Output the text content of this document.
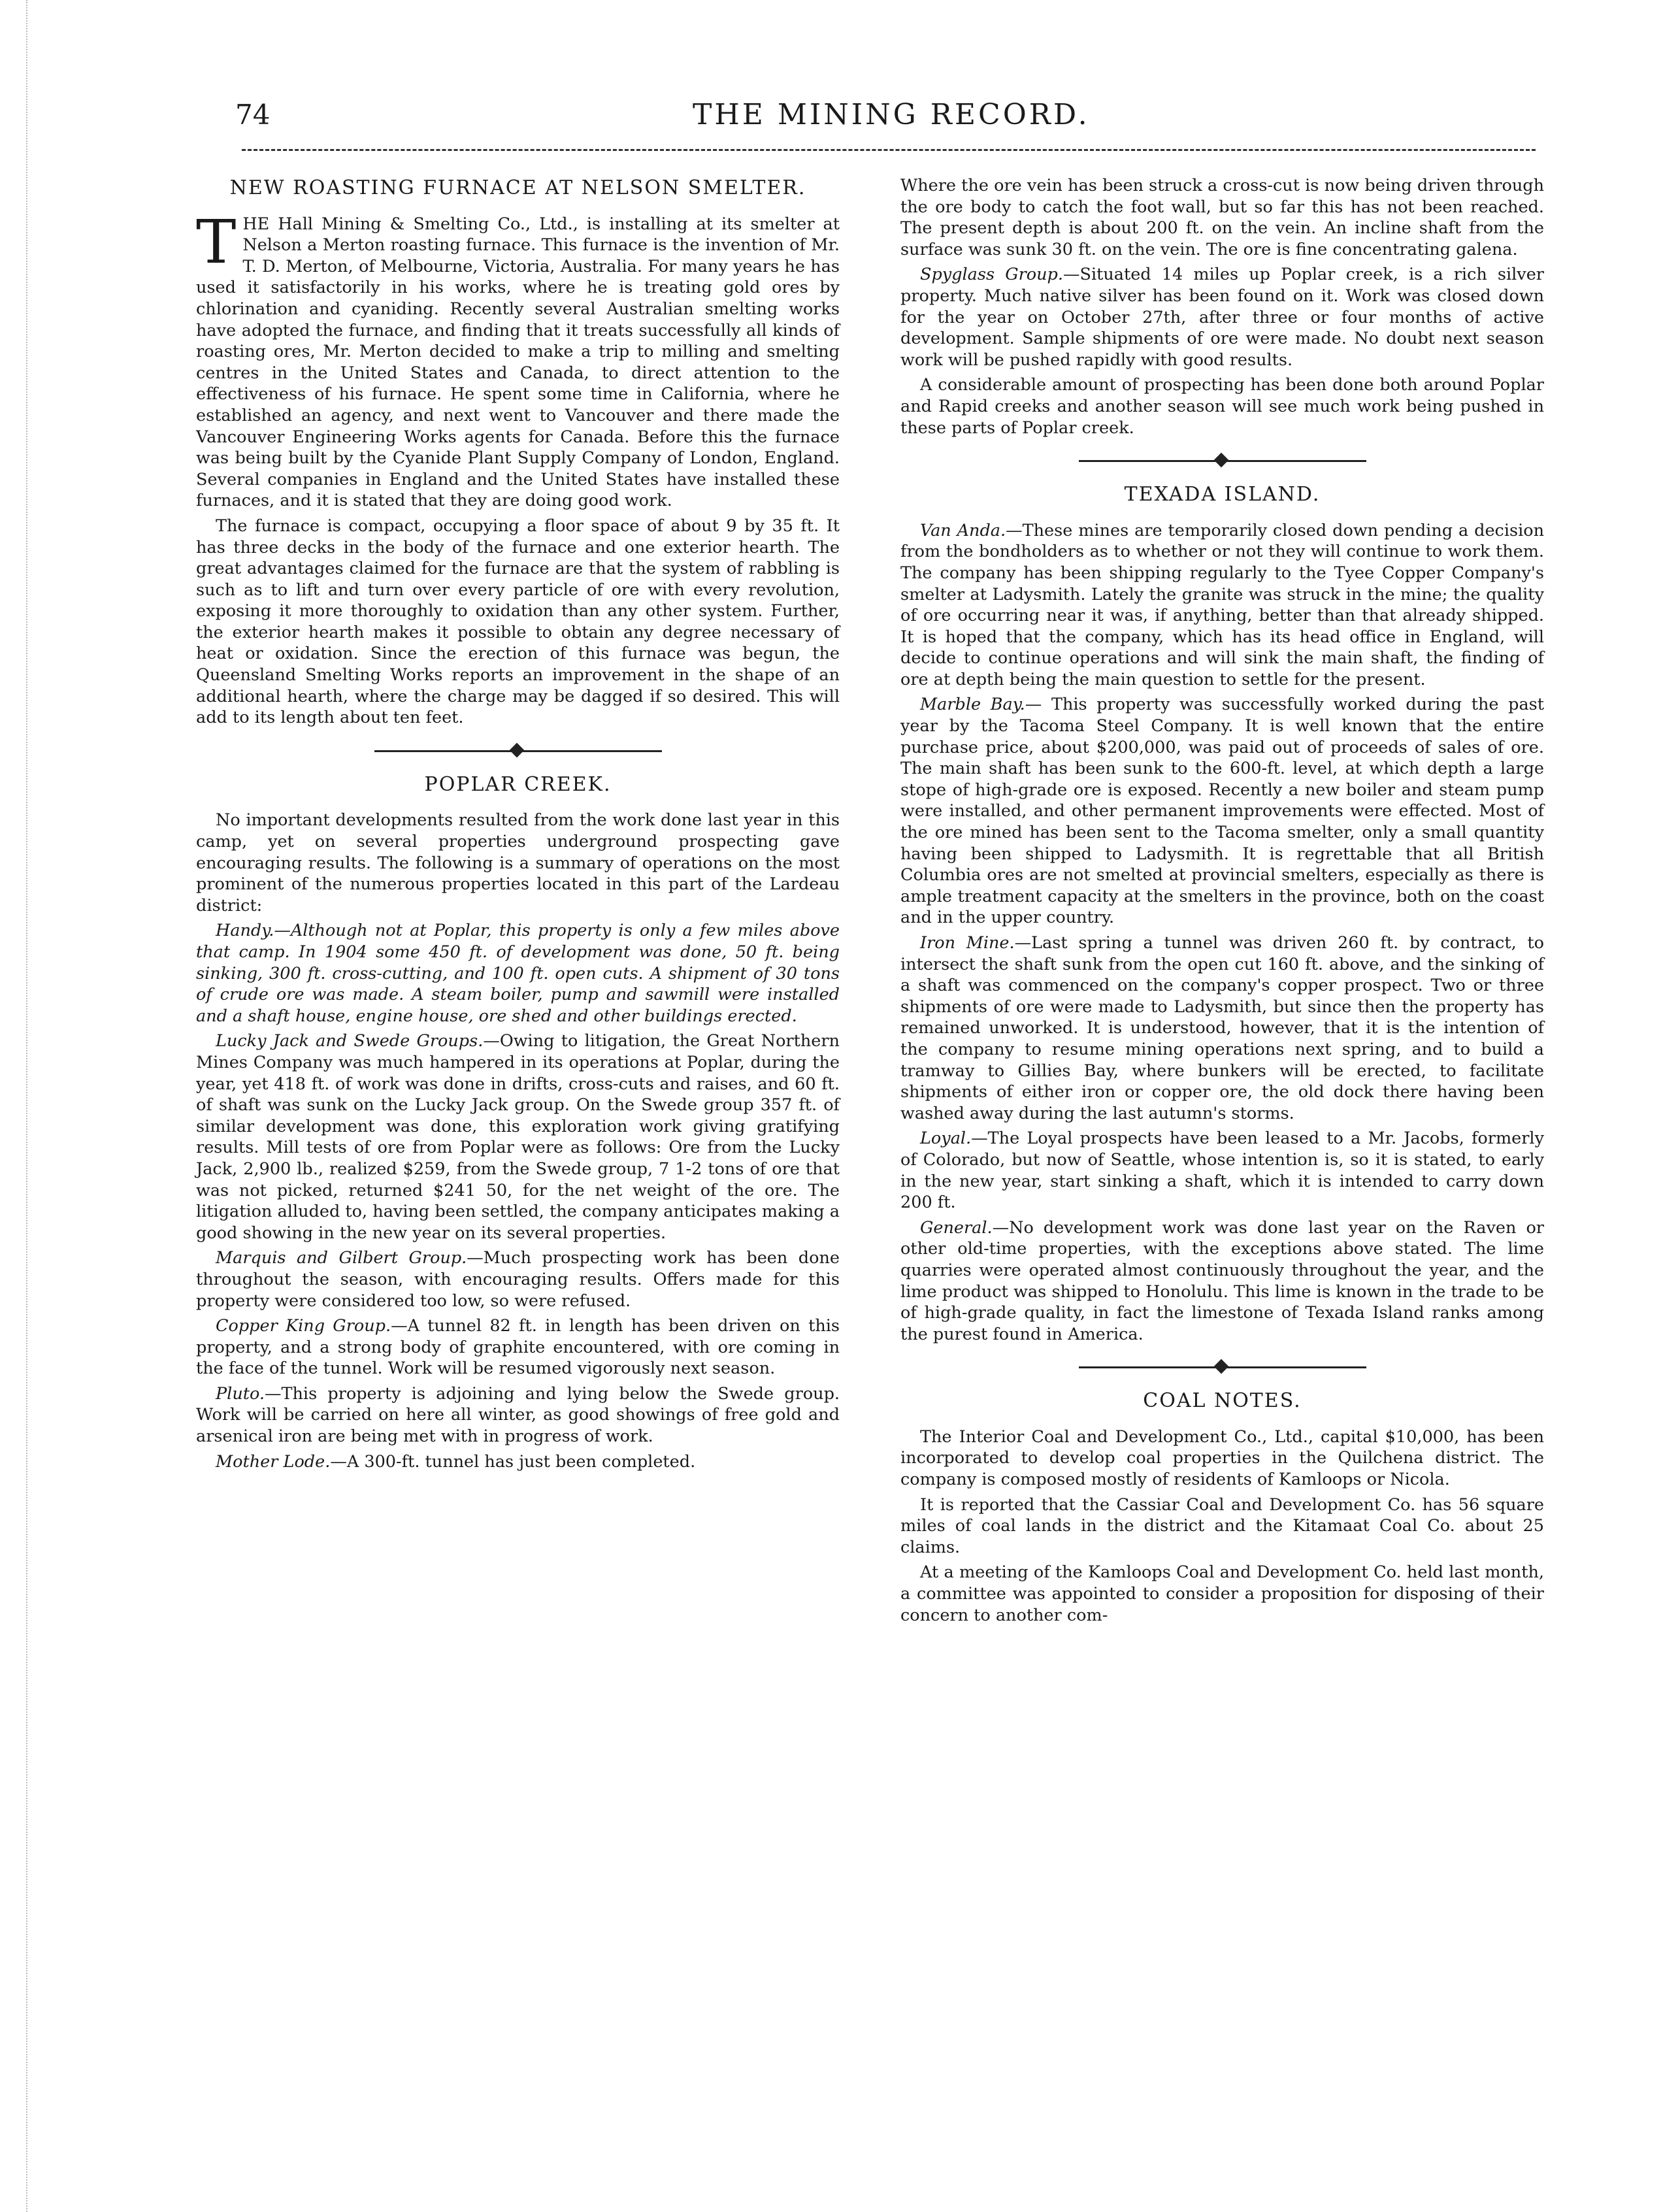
74	THE MINING RECORD.
NEW ROASTING FURNACE AT NELSON SMELTER.

THE Hall Mining & Smelting Co., Ltd., is installing at its smelter at Nelson a Merton roasting furnace. This furnace is the invention of Mr. T. D. Merton, of Melbourne, Victoria, Australia. For many years he has used it satisfactorily in his works, where he is treating gold ores by chlorination and cyaniding. Recently several Australian smelting works have adopted the furnace, and finding that it treats successfully all kinds of roasting ores, Mr. Merton decided to make a trip to milling and smelting centres in the United States and Canada, to direct attention to the effectiveness of his furnace. He spent some time in California, where he established an agency, and next went to Vancouver and there made the Vancouver Engineering Works agents for Canada. Before this the furnace was being built by the Cyanide Plant Supply Company of London, England. Several companies in England and the United States have installed these furnaces, and it is stated that they are doing good work.

The furnace is compact, occupying a floor space of about 9 by 35 ft. It has three decks in the body of the furnace and one exterior hearth. The great advantages claimed for the furnace are that the system of rabbling is such as to lift and turn over every particle of ore with every revolution, exposing it more thoroughly to oxidation than any other system. Further, the exterior hearth makes it possible to obtain any degree necessary of heat or oxidation. Since the erection of this furnace was begun, the Queensland Smelting Works reports an improvement in the shape of an additional hearth, where the charge may be dagged if so desired. This will add to its length about ten feet.

POPLAR CREEK.

No important developments resulted from the work done last year in this camp, yet on several properties underground prospecting gave encouraging results. The following is a summary of operations on the most prominent of the numerous properties located in this part of the Lardeau district:

Handy.—Although not at Poplar, this property is only a few miles above that camp. In 1904 some 450 ft. of development was done, 50 ft. being sinking, 300 ft. cross-cutting, and 100 ft. open cuts. A shipment of 30 tons of crude ore was made. A steam boiler, pump and sawmill were installed and a shaft house, engine house, ore shed and other buildings erected.

Lucky Jack and Swede Groups.—Owing to litigation, the Great Northern Mines Company was much hampered in its operations at Poplar, during the year, yet 418 ft. of work was done in drifts, cross-cuts and raises, and 60 ft. of shaft was sunk on the Lucky Jack group. On the Swede group 357 ft. of similar development was done, this exploration work giving gratifying results. Mill tests of ore from Poplar were as follows: Ore from the Lucky Jack, 2,900 lb., realized $259, from the Swede group, 7 1-2 tons of ore that was not picked, returned $241 50, for the net weight of the ore. The litigation alluded to, having been settled, the company anticipates making a good showing in the new year on its several properties.

Marquis and Gilbert Group.—Much prospecting work has been done throughout the season, with encouraging results. Offers made for this property were considered too low, so were refused.

Copper King Group.—A tunnel 82 ft. in length has been driven on this property, and a strong body of graphite encountered, with ore coming in the face of the tunnel. Work will be resumed vigorously next season.

Pluto.—This property is adjoining and lying below the Swede group. Work will be carried on here all winter, as good showings of free gold and arsenical iron are being met with in progress of work.

Mother Lode.—A 300-ft. tunnel has just been completed.

Where the ore vein has been struck a cross-cut is now being driven through the ore body to catch the foot wall, but so far this has not been reached. The present depth is about 200 ft. on the vein. An incline shaft from the surface was sunk 30 ft. on the vein. The ore is fine concentrating galena.

Spyglass Group.—Situated 14 miles up Poplar creek, is a rich silver property. Much native silver has been found on it. Work was closed down for the year on October 27th, after three or four months of active development. Sample shipments of ore were made. No doubt next season work will be pushed rapidly with good results.

A considerable amount of prospecting has been done both around Poplar and Rapid creeks and another season will see much work being pushed in these parts of Poplar creek.

TEXADA ISLAND.

Van Anda.—These mines are temporarily closed down pending a decision from the bondholders as to whether or not they will continue to work them. The company has been shipping regularly to the Tyee Copper Company's smelter at Ladysmith. Lately the granite was struck in the mine; the quality of ore occurring near it was, if anything, better than that already shipped. It is hoped that the company, which has its head office in England, will decide to continue operations and will sink the main shaft, the finding of ore at depth being the main question to settle for the present.

Marble Bay.— This property was successfully worked during the past year by the Tacoma Steel Company. It is well known that the entire purchase price, about $200,000, was paid out of proceeds of sales of ore. The main shaft has been sunk to the 600-ft. level, at which depth a large stope of high-grade ore is exposed. Recently a new boiler and steam pump were installed, and other permanent improvements were effected. Most of the ore mined has been sent to the Tacoma smelter, only a small quantity having been shipped to Ladysmith. It is regrettable that all British Columbia ores are not smelted at provincial smelters, especially as there is ample treatment capacity at the smelters in the province, both on the coast and in the upper country.

Iron Mine.—Last spring a tunnel was driven 260 ft. by contract, to intersect the shaft sunk from the open cut 160 ft. above, and the sinking of a shaft was commenced on the company's copper prospect. Two or three shipments of ore were made to Ladysmith, but since then the property has remained unworked. It is understood, however, that it is the intention of the company to resume mining operations next spring, and to build a tramway to Gillies Bay, where bunkers will be erected, to facilitate shipments of either iron or copper ore, the old dock there having been washed away during the last autumn's storms.

Loyal.—The Loyal prospects have been leased to a Mr. Jacobs, formerly of Colorado, but now of Seattle, whose intention is, so it is stated, to early in the new year, start sinking a shaft, which it is intended to carry down 200 ft.

General.—No development work was done last year on the Raven or other old-time properties, with the exceptions above stated. The lime quarries were operated almost continuously throughout the year, and the lime product was shipped to Honolulu. This lime is known in the trade to be of high-grade quality, in fact the limestone of Texada Island ranks among the purest found in America.

COAL NOTES.

The Interior Coal and Development Co., Ltd., capital $10,000, has been incorporated to develop coal properties in the Quilchena district. The company is composed mostly of residents of Kamloops or Nicola.

It is reported that the Cassiar Coal and Development Co. has 56 square miles of coal lands in the district and the Kitamaat Coal Co. about 25 claims.

At a meeting of the Kamloops Coal and Development Co. held last month, a committee was appointed to consider a proposition for disposing of their concern to another com-
